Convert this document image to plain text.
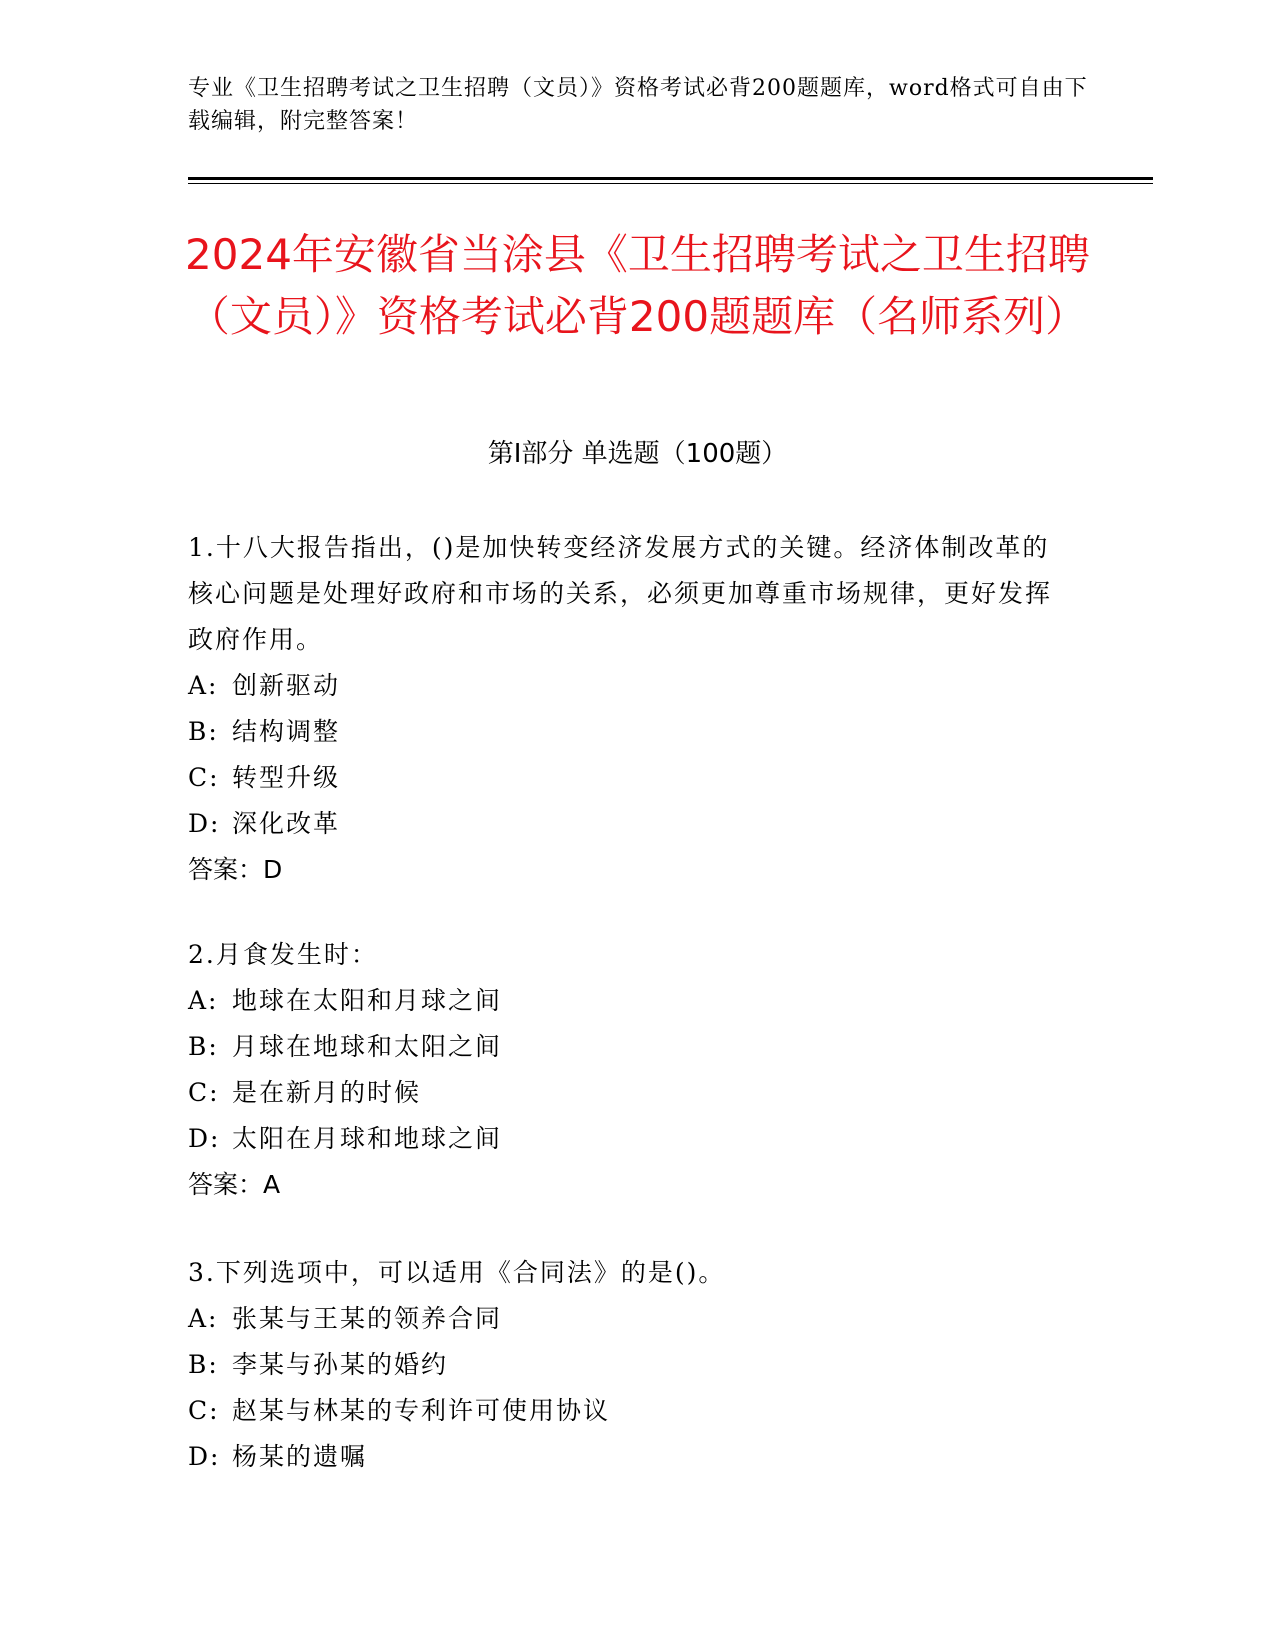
专业《卫生招聘考试之卫生招聘（文员）》资格考试必背200题题库，word格式可自由下载编辑，附完整答案！

2024年安徽省当涂县《卫生招聘考试之卫生招聘（文员）》资格考试必背200题题库（名师系列）
第I部分 单选题（100题）

1.十八大报告指出，()是加快转变经济发展方式的关键。经济体制改革的核心问题是处理好政府和市场的关系，必须更加尊重市场规律，更好发挥政府作用。

A: 创新驱动

B: 结构调整

C: 转型升级

D: 深化改革

答案：D

2.月食发生时：

A: 地球在太阳和月球之间

B: 月球在地球和太阳之间

C: 是在新月的时候

D: 太阳在月球和地球之间

答案：A

3.下列选项中，可以适用《合同法》的是()。

A: 张某与王某的领养合同

B: 李某与孙某的婚约

C: 赵某与林某的专利许可使用协议

D: 杨某的遗嘱
